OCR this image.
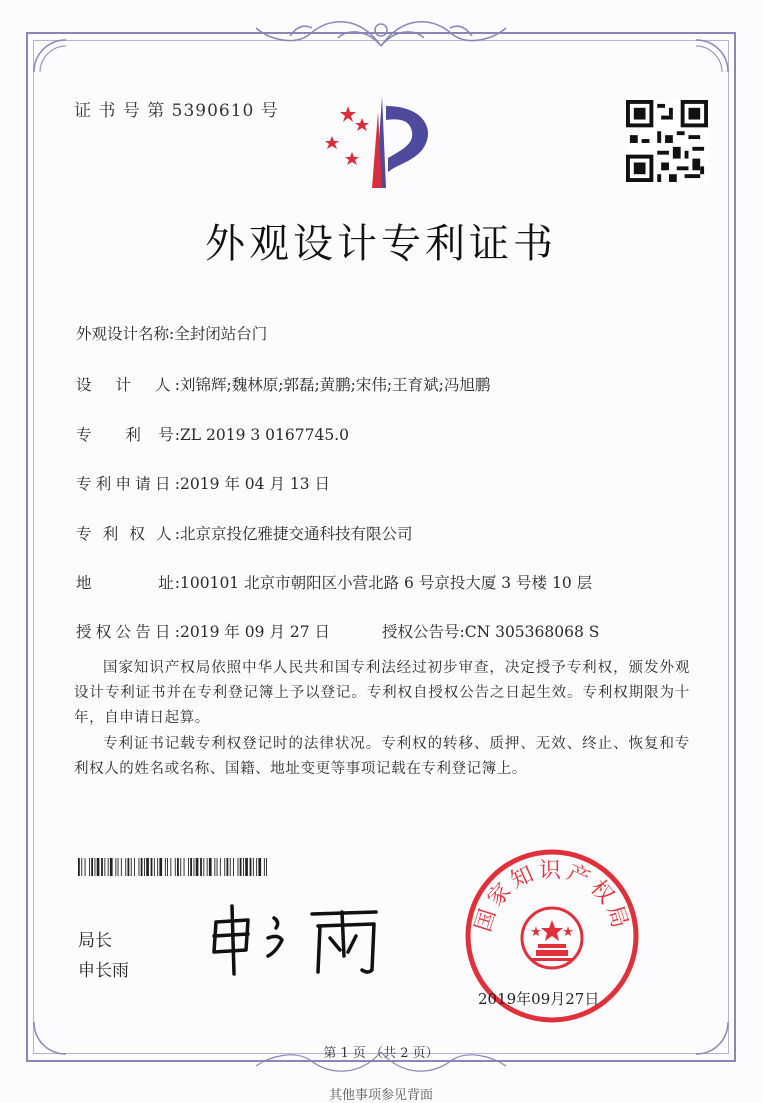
证 书 号 第 5390610 号
外观设计专利证书
外观设计名称:全封闭站台门
设　计　人:刘锦辉;魏林原;郭磊;黄鹏;宋伟;王育斌;冯旭鹏
专　　利　号:ZL 2019 3 0167745.0
专利申请日:2019 年 04 月 13 日
专 利 权 人:北京京投亿雅捷交通科技有限公司
地　　　　址:100101 北京市朝阳区小营北路 6 号京投大厦 3 号楼 10 层
授权公告日:2019 年 09 月 27 日	授权公告号:CN 305368068 S
国家知识产权局依照中华人民共和国专利法经过初步审查，决定授予专利权，颁发外观设计专利证书并在专利登记簿上予以登记。专利权自授权公告之日起生效。专利权期限为十年，自申请日起算。
专利证书记载专利权登记时的法律状况。专利权的转移、质押、无效、终止、恢复和专利权人的姓名或名称、国籍、地址变更等事项记载在专利登记簿上。
局长
申长雨
国家知识产权局
2019年09月27日
第 1 页 （共 2 页）
其他事项参见背面
